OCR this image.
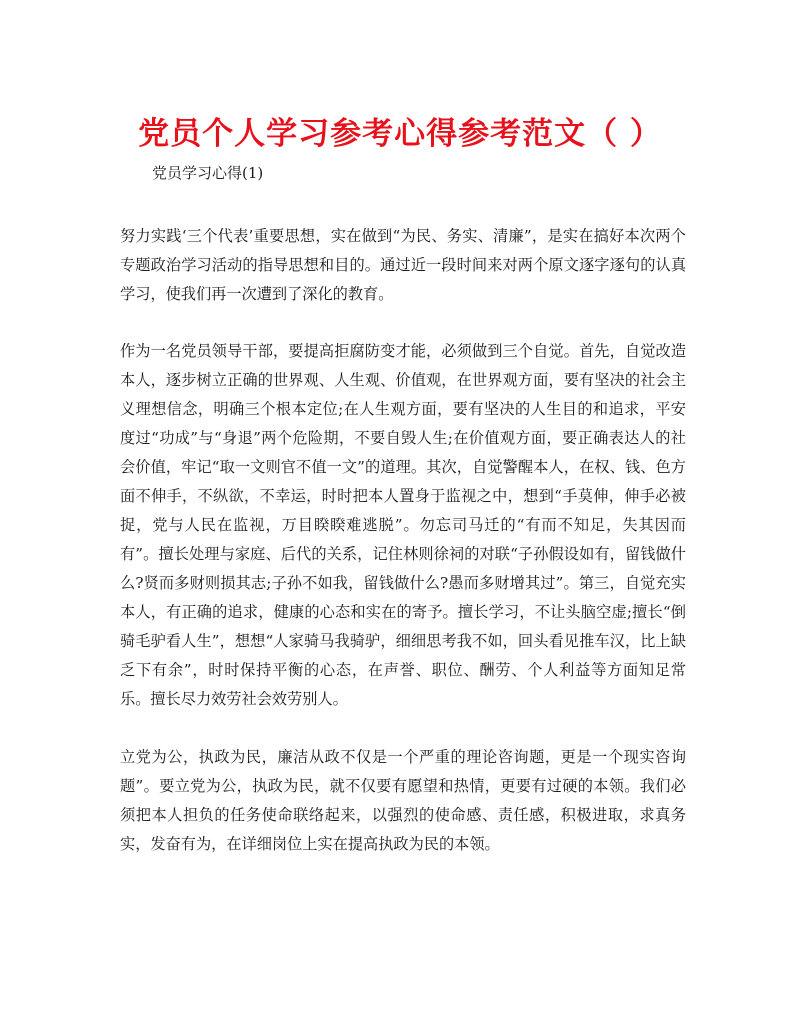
党员个人学习参考心得参考范文（ ）

党员学习心得(1)

努力实践‘三个代表’重要思想，实在做到“为民、务实、清廉”，是实在搞好本次两个专题政治学习活动的指导思想和目的。通过近一段时间来对两个原文逐字逐句的认真学习，使我们再一次遭到了深化的教育。

作为一名党员领导干部，要提高拒腐防变才能，必须做到三个自觉。首先，自觉改造本人，逐步树立正确的世界观、人生观、价值观，在世界观方面，要有坚决的社会主义理想信念，明确三个根本定位;在人生观方面，要有坚决的人生目的和追求，平安度过“功成”与“身退”两个危险期，不要自毁人生;在价值观方面，要正确表达人的社会价值，牢记“取一文则官不值一文”的道理。其次，自觉警醒本人，在权、钱、色方面不伸手，不纵欲，不幸运，时时把本人置身于监视之中，想到“手莫伸，伸手必被捉，党与人民在监视，万目睽睽难逃脱”。勿忘司马迁的“有而不知足，失其因而有”。擅长处理与家庭、后代的关系，记住林则徐祠的对联“子孙假设如有，留钱做什么?贤而多财则损其志;子孙不如我，留钱做什么?愚而多财增其过”。第三，自觉充实本人，有正确的追求，健康的心态和实在的寄予。擅长学习，不让头脑空虚;擅长“倒骑毛驴看人生”，想想“人家骑马我骑驴，细细思考我不如，回头看见推车汉，比上缺乏下有余”，时时保持平衡的心态，在声誉、职位、酬劳、个人利益等方面知足常乐。擅长尽力效劳社会效劳别人。

立党为公，执政为民，廉洁从政不仅是一个严重的理论咨询题，更是一个现实咨询题”。要立党为公，执政为民，就不仅要有愿望和热情，更要有过硬的本领。我们必须把本人担负的任务使命联络起来，以强烈的使命感、责任感，积极进取，求真务实，发奋有为，在详细岗位上实在提高执政为民的本领。
